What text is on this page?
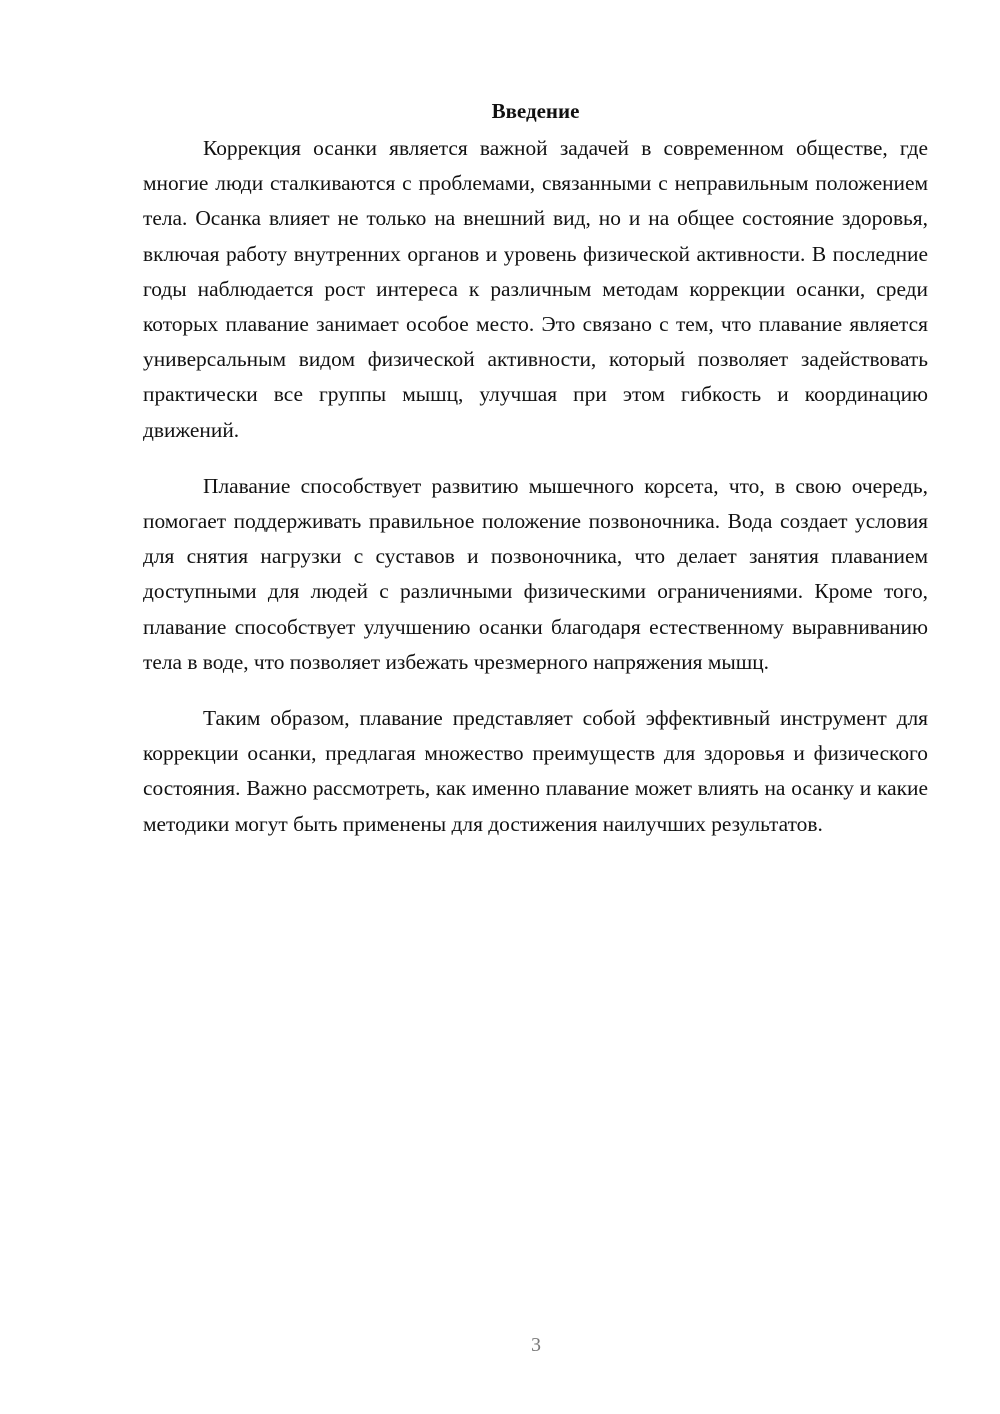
Введение

Коррекция осанки является важной задачей в современном обществе, где многие люди сталкиваются с проблемами, связанными с неправильным положением тела. Осанка влияет не только на внешний вид, но и на общее состояние здоровья, включая работу внутренних органов и уровень физической активности. В последние годы наблюдается рост интереса к различным методам коррекции осанки, среди которых плавание занимает особое место. Это связано с тем, что плавание является универсальным видом физической активности, который позволяет задействовать практически все группы мышц, улучшая при этом гибкость и координацию движений.

Плавание способствует развитию мышечного корсета, что, в свою очередь, помогает поддерживать правильное положение позвоночника. Вода создает условия для снятия нагрузки с суставов и позвоночника, что делает занятия плаванием доступными для людей с различными физическими ограничениями. Кроме того, плавание способствует улучшению осанки благодаря естественному выравниванию тела в воде, что позволяет избежать чрезмерного напряжения мышц.

Таким образом, плавание представляет собой эффективный инструмент для коррекции осанки, предлагая множество преимуществ для здоровья и физического состояния. Важно рассмотреть, как именно плавание может влиять на осанку и какие методики могут быть применены для достижения наилучших результатов.

3
